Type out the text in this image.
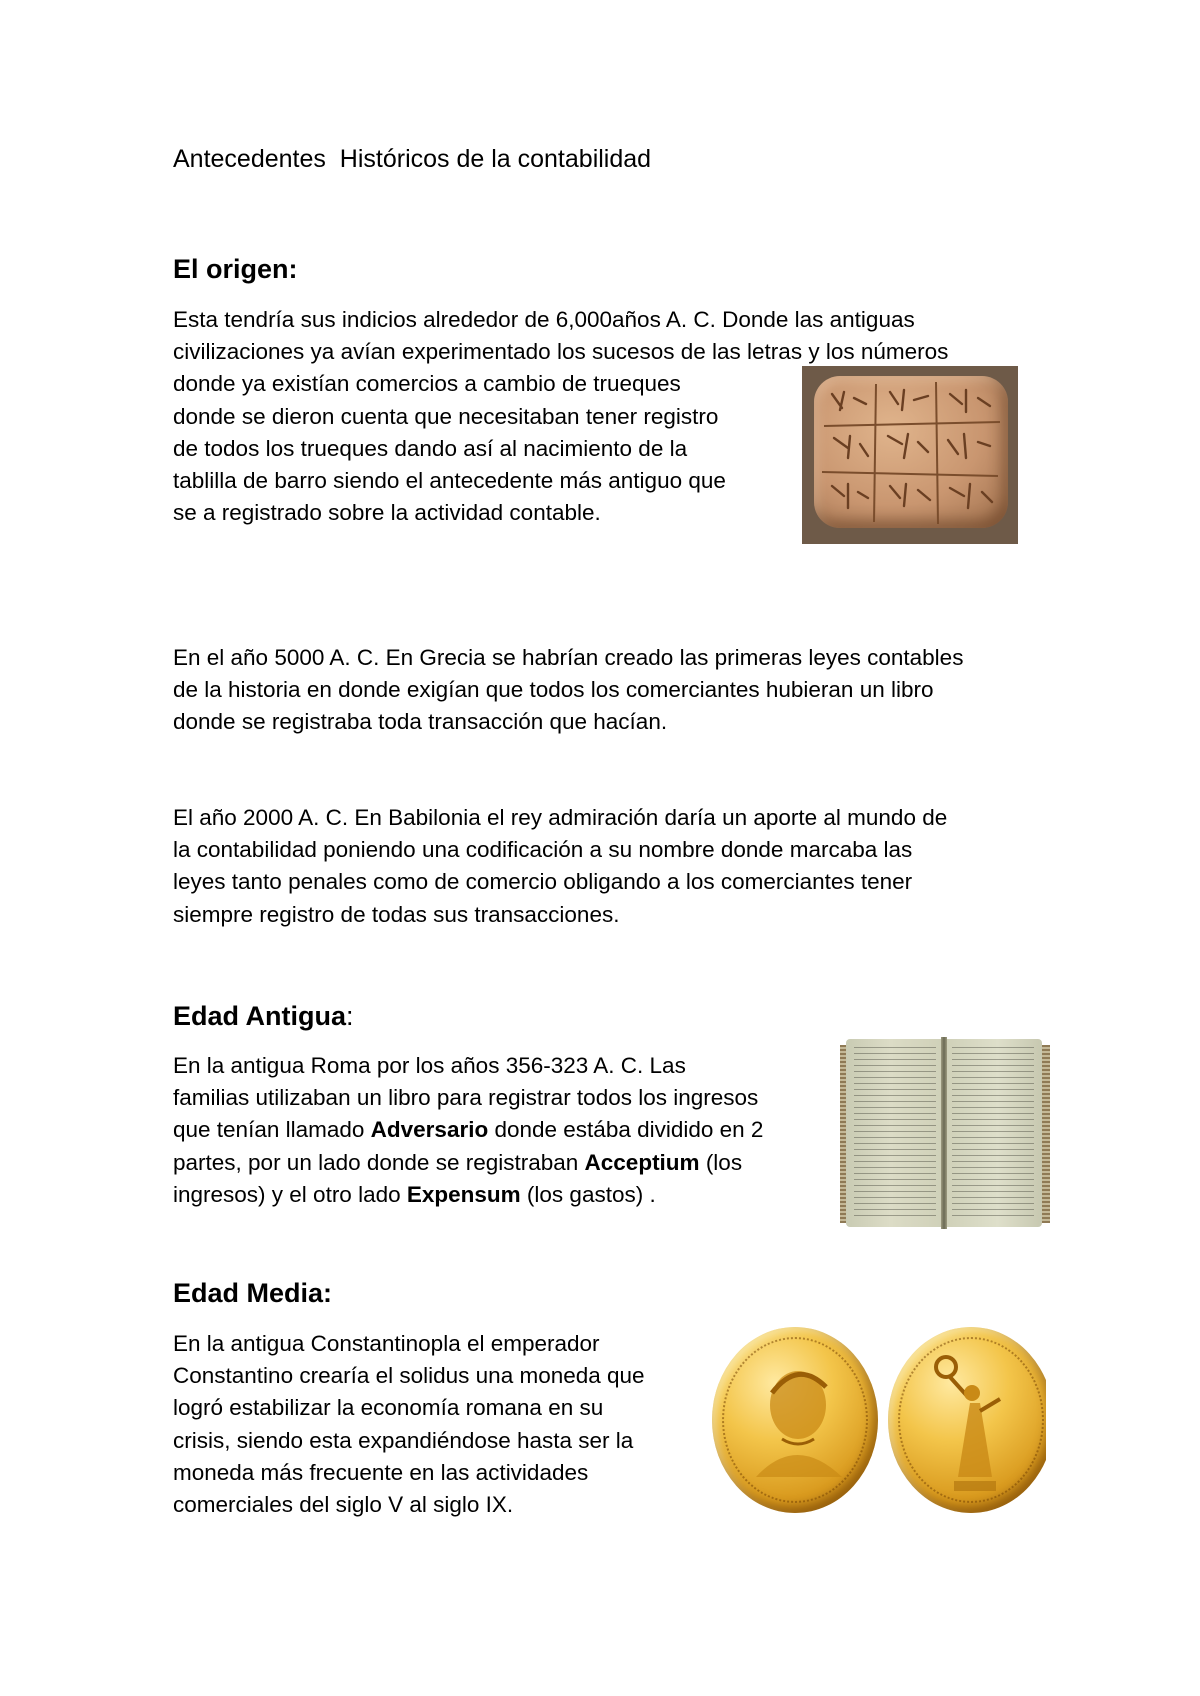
Antecedentes  Históricos de la contabilidad
El origen:

Esta tendría sus indicios alrededor de 6,000años A. C. Donde las antiguas
civilizaciones ya avían experimentado los sucesos de las letras y los números
donde ya existían comercios a cambio de trueques
donde se dieron cuenta que necesitaban tener registro
de todos los trueques dando así al nacimiento de la
tablilla de barro siendo el antecedente más antiguo que
se a registrado sobre la actividad contable.

En el año 5000 A. C. En Grecia se habrían creado las primeras leyes contables
de la historia en donde exigían que todos los comerciantes hubieran un libro
donde se registraba toda transacción que hacían.

El año 2000 A. C. En Babilonia el rey admiración daría un aporte al mundo de
la contabilidad poniendo una codificación a su nombre donde marcaba las
leyes tanto penales como de comercio obligando a los comerciantes tener
siempre registro de todas sus transacciones.

Edad Antigua:

En la antigua Roma por los años 356-323 A. C. Las
familias utilizaban un libro para registrar todos los ingresos
que tenían llamado Adversario donde estába dividido en 2
partes, por un lado donde se registraban Acceptium (los
ingresos) y el otro lado Expensum (los gastos) .

Edad Media:

En la antigua Constantinopla el emperador
Constantino crearía el solidus una moneda que
logró estabilizar la economía romana en su
crisis, siendo esta expandiéndose hasta ser la
moneda más frecuente en las actividades
comerciales del siglo V al siglo IX.
